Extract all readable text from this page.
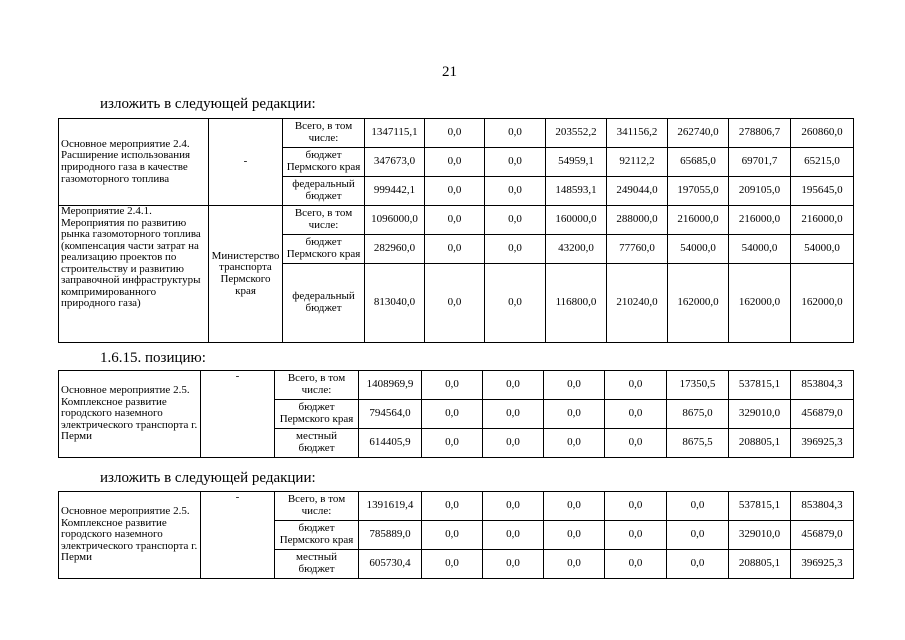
21
изложить в следующей редакции:
Основное мероприятие 2.4. Расширение использования природного газа в качестве газомоторного топлива	-	Всего, в том числе:	1347115,1	0,0	0,0	203552,2	341156,2	262740,0	278806,7	260860,0
		бюджет Пермского края	347673,0	0,0	0,0	54959,1	92112,2	65685,0	69701,7	65215,0
		федеральный бюджет	999442,1	0,0	0,0	148593,1	249044,0	197055,0	209105,0	195645,0
Мероприятие 2.4.1. Мероприятия по развитию рынка газомоторного топлива (компенсация части затрат на реализацию проектов по строительству и развитию заправочной инфраструктуры компримированного природного газа)	Министерство транспорта Пермского края	Всего, в том числе:	1096000,0	0,0	0,0	160000,0	288000,0	216000,0	216000,0	216000,0
		бюджет Пермского края	282960,0	0,0	0,0	43200,0	77760,0	54000,0	54000,0	54000,0
		федеральный бюджет	813040,0	0,0	0,0	116800,0	210240,0	162000,0	162000,0	162000,0
1.6.15. позицию:
Основное мероприятие 2.5. Комплексное развитие городского наземного электрического транспорта г. Перми	-	Всего, в том числе:	1408969,9	0,0	0,0	0,0	0,0	17350,5	537815,1	853804,3
		бюджет Пермского края	794564,0	0,0	0,0	0,0	0,0	8675,0	329010,0	456879,0
		местный бюджет	614405,9	0,0	0,0	0,0	0,0	8675,5	208805,1	396925,3
изложить в следующей редакции:
Основное мероприятие 2.5. Комплексное развитие городского наземного электрического транспорта г. Перми	-	Всего, в том числе:	1391619,4	0,0	0,0	0,0	0,0	0,0	537815,1	853804,3
		бюджет Пермского края	785889,0	0,0	0,0	0,0	0,0	0,0	329010,0	456879,0
		местный бюджет	605730,4	0,0	0,0	0,0	0,0	0,0	208805,1	396925,3
